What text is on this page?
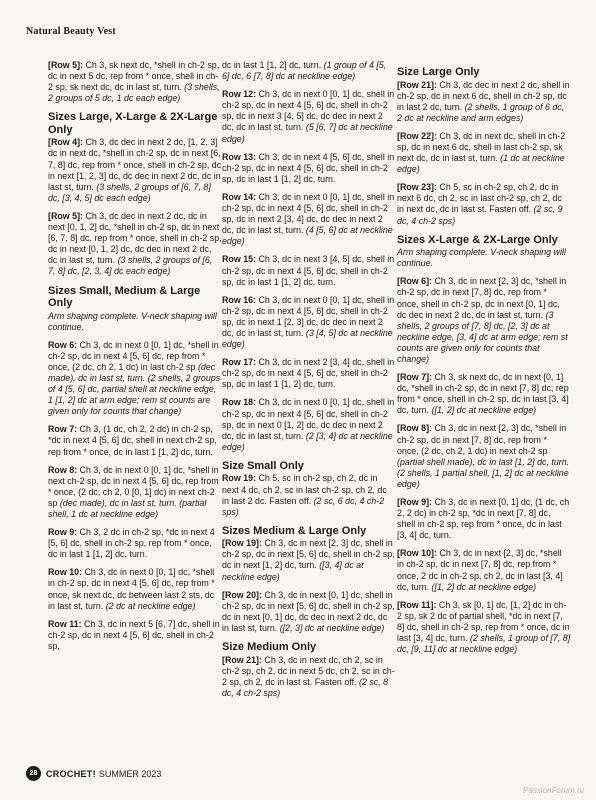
Natural Beauty Vest
[Row 5]: Ch 3, sk next dc, *shell in ch-2 sp, dc in next 5 dc, rep from * once, shell in ch-2 sp, sk next dc, dc in last st, turn. (3 shells, 2 groups of 5 dc, 1 dc each edge)
Sizes Large, X-Large & 2X-Large Only
[Row 4]: Ch 3, dc dec in next 2 dc, [1, 2, 3] dc in next dc, *shell in ch-2 sp, dc in next [6, 7, 8] dc, rep from * once, shell in ch-2 sp, dc in next [1, 2, 3] dc, dc dec in next 2 dc, dc in last st, turn. (3 shells, 2 groups of [6, 7, 8] dc, [3, 4, 5] dc each edge)
[Row 5]: Ch 3, dc dec in next 2 dc, dc in next [0, 1, 2] dc, *shell in ch-2 sp, dc in next [6, 7, 8] dc, rep from * once, shell in ch-2 sp, dc in next [0, 1, 2] dc, dc dec in next 2 dc, dc in last st, turn. (3 shells, 2 groups of [6, 7, 8] dc, [2, 3, 4] dc each edge)
Sizes Small, Medium & Large Only
Arm shaping complete. V-neck shaping will continue.
Row 6: Ch 3, dc in next 0 [0, 1] dc, *shell in ch-2 sp, dc in next 4 [5, 6] dc, rep from * once, (2 dc, ch 2, 1 dc) in last ch-2 sp (dec made), dc in last st, turn. (2 shells, 2 groups of 4 [5, 6] dc, partial shell at neckline edge, 1 [1, 2] dc at arm edge; rem st counts are given only for counts that change)
Row 7: Ch 3, (1 dc, ch 2, 2 dc) in ch-2 sp, *dc in next 4 [5, 6] dc, shell in next ch-2 sp, rep from * once, dc in last 1 [1, 2] dc, turn.
Row 8: Ch 3, dc in next 0 [0, 1] dc, *shell in next ch-2 sp, dc in next 4 [5, 6] dc, rep from * once, (2 dc, ch 2, 0 [0, 1] dc) in next ch-2 sp (dec made), dc in last st, turn. (partial shell, 1 dc at neckline edge)
Row 9: Ch 3, 2 dc in ch-2 sp, *dc in next 4 [5, 6] dc, shell in ch-2 sp, rep from * once, dc in last 1 [1, 2] dc, turn.
Row 10: Ch 3, dc in next 0 [0, 1] dc, *shell in ch-2 sp, dc in next 4 [5, 6] dc, rep from * once, sk next dc, dc between last 2 sts, dc in last st, turn. (2 dc at neckline edge)
Row 11: Ch 3, dc in next 5 [6, 7] dc, shell in ch-2 sp, dc in next 4 [5, 6] dc, shell in ch-2 sp,
dc in last 1 [1, 2] dc, turn. (1 group of 4 [5, 6] dc, 6 [7, 8] dc at neckline edge)
Row 12: Ch 3, dc in next 0 [0, 1] dc, shell in ch-2 sp, dc in next 4 [5, 6] dc, shell in ch-2 sp, dc in next 3 [4, 5] dc, dc dec in next 2 dc, dc in last st, turn. (5 [6, 7] dc at neckline edge)
Row 13: Ch 3, dc in next 4 [5, 6] dc, shell in ch-2 sp, dc in next 4 [5, 6] dc, shell in ch-2 sp, dc in last 1 [1, 2] dc, turn.
Row 14: Ch 3, dc in next 0 [0, 1] dc, shell in ch-2 sp, dc in next 4 [5, 6] dc, shell in ch-2 sp, dc in next 2 [3, 4] dc, dc dec in next 2 dc, dc in last st, turn. (4 [5, 6] dc at neckline edge)
Row 15: Ch 3, dc in next 3 [4, 5] dc, shell in ch-2 sp, dc in next 4 [5, 6] dc, shell in ch-2 sp, dc in last 1 [1, 2] dc, turn.
Row 16: Ch 3, dc in next 0 [0, 1] dc, shell in ch-2 sp, dc in next 4 [5, 6] dc, shell in ch-2 sp, dc in next 1 [2, 3] dc, dc dec in next 2 dc, dc in last st, turn. (3 [4, 5] dc at neckline edge)
Row 17: Ch 3, dc in next 2 [3, 4] dc, shell in ch-2 sp, dc in next 4 [5, 6] dc, shell in ch-2 sp, dc in last 1 [1, 2] dc, turn.
Row 18: Ch 3, dc in next 0 [0, 1] dc, shell in ch-2 sp, dc in next 4 [5, 6] dc, shell in ch-2 sp, dc in next 0 [1, 2] dc, dc dec in next 2 dc, dc in last st, turn. (2 [3, 4] dc at neckline edge)
Size Small Only
Row 19: Ch 5, sc in ch-2 sp, ch 2, dc in next 4 dc, ch 2, sc in last ch-2 sp, ch 2, dc in last 2 dc. Fasten off. (2 sc, 6 dc, 4 ch-2 sps)
Sizes Medium & Large Only
[Row 19]: Ch 3, dc in next [2, 3] dc, shell in ch-2 sp, dc in next [5, 6] dc, shell in ch-2 sp, dc in next [1, 2] dc, turn. ([3, 4] dc at neckline edge)
[Row 20]: Ch 3, dc in next [0, 1] dc, shell in ch-2 sp, dc in next [5, 6] dc, shell in ch-2 sp, dc in next [0, 1] dc, dc dec in next 2 dc, dc in last st, turn. ([2, 3] dc at neckline edge)
Size Medium Only
[Row 21]: Ch 3, dc in next dc, ch 2, sc in ch-2 sp, ch 2, dc in next 5 dc, ch 2, sc in ch-2 sp, ch 2, dc in last st. Fasten off. (2 sc, 8 dc, 4 ch-2 sps)
Size Large Only
[Row 21]: Ch 3, dc dec in next 2 dc, shell in ch-2 sp, dc in next 6 dc, shell in ch-2 sp, dc in last 2 dc, turn. (2 shells, 1 group of 6 dc, 2 dc at neckline and arm edges)
[Row 22]: Ch 3, dc in next dc, shell in ch-2 sp, dc in next 6 dc, shell in last ch-2 sp, sk next dc, dc in last st, turn. (1 dc at neckline edge)
[Row 23]: Ch 5, sc in ch-2 sp, ch 2, dc in next 6 dc, ch 2, sc in last ch-2 sp, ch 2, dc in next dc, dc in last st. Fasten off. (2 sc, 9 dc, 4 ch-2 sps)
Sizes X-Large & 2X-Large Only
Arm shaping complete. V-neck shaping will continue.
[Row 6]: Ch 3, dc in next [2, 3] dc, *shell in ch-2 sp, dc in next [7, 8] dc, rep from * once, shell in ch-2 sp, dc in next [0, 1] dc, dc dec in next 2 dc, dc in last st, turn. (3 shells, 2 groups of [7, 8] dc, [2, 3] dc at neckline edge, [3, 4] dc at arm edge; rem st counts are given only for counts that change)
[Row 7]: Ch 3, sk next dc, dc in next [0, 1] dc, *shell in ch-2 sp, dc in next [7, 8] dc, rep from * once, shell in ch-2 sp, dc in last [3, 4] dc, turn. ([1, 2] dc at neckline edge)
[Row 8]: Ch 3, dc in next [2, 3] dc, *shell in ch-2 sp, dc in next [7, 8] dc, rep from * once, (2 dc, ch 2, 1 dc) in next ch-2 sp (partial shell made), dc in last [1, 2] dc, turn. (2 shells, 1 partial shell, [1, 2] dc at neckline edge)
[Row 9]: Ch 3, dc in next [0, 1] dc, (1 dc, ch 2, 2 dc) in ch-2 sp, *dc in next [7, 8] dc, shell in ch-2 sp, rep from * once, dc in last [3, 4] dc, turn.
[Row 10]: Ch 3, dc in next [2, 3] dc, *shell in ch-2 sp, dc in next [7, 8] dc, rep from * once, 2 dc in ch-2 sp, ch 2, dc in last [3, 4] dc, turn. ([1, 2] dc at neckline edge)
[Row 11]: Ch 3, sk [0, 1] dc, [1, 2] dc in ch-2 sp, sk 2 dc of partial shell, *dc in next [7, 8] dc, shell in ch-2 sp, rep from * once, dc in last [3, 4] dc, turn. (2 shells, 1 group of [7, 8] dc, [9, 11] dc at neckline edge)
28 CROCHET! SUMMER 2023
PassionForum.ru
